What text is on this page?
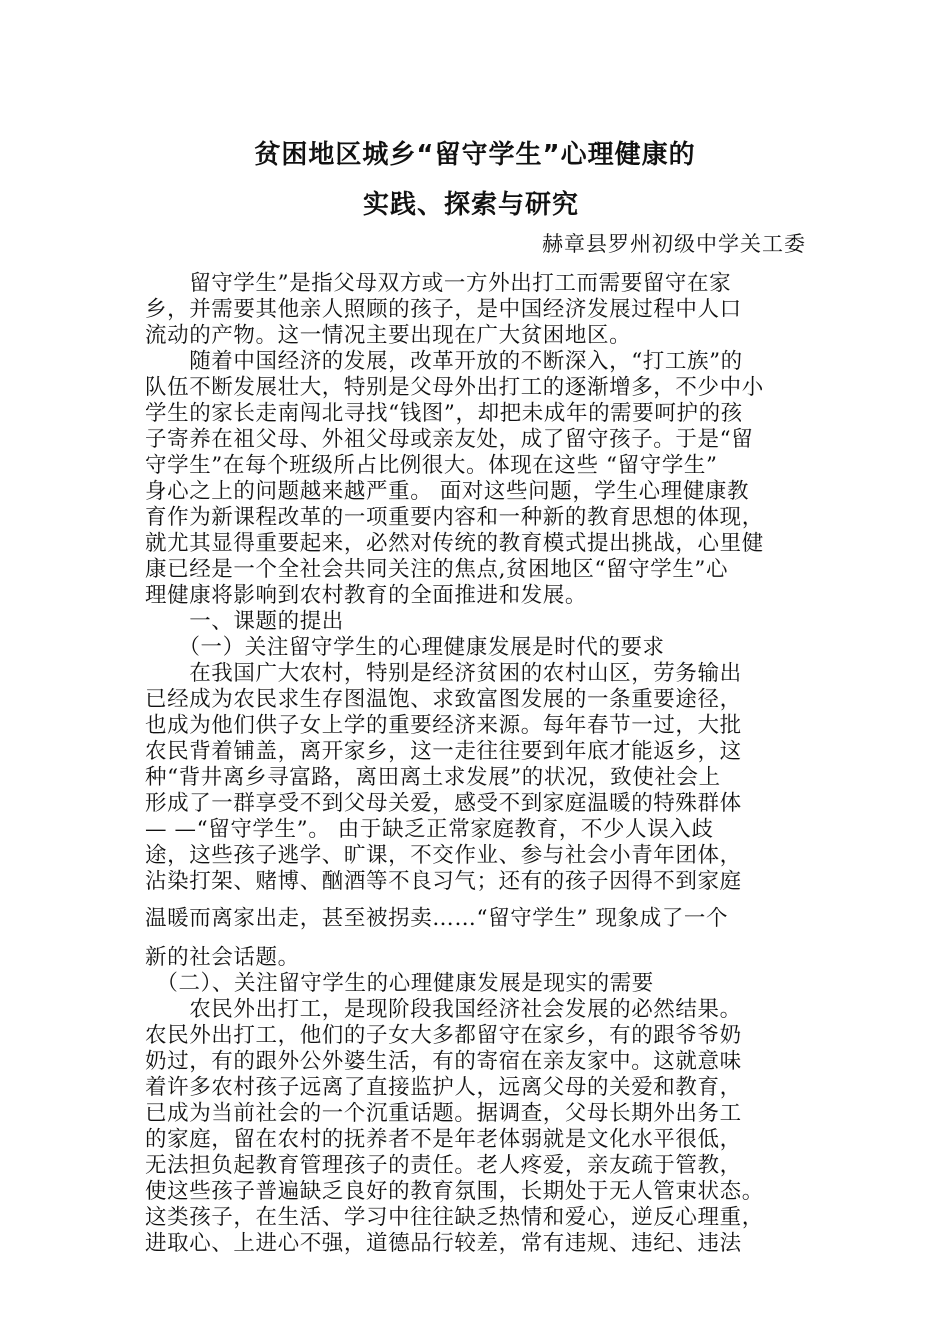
贫困地区城乡“留守学生”心理健康的
实践、探索与研究
赫章县罗州初级中学关工委
　　留守学生”是指父母双方或一方外出打工而需要留守在家
乡，并需要其他亲人照顾的孩子，是中国经济发展过程中人口
流动的产物。这一情况主要出现在广大贫困地区。
　　随着中国经济的发展，改革开放的不断深入，“打工族”的
队伍不断发展壮大，特别是父母外出打工的逐渐增多，不少中小
学生的家长走南闯北寻找“钱图”，却把未成年的需要呵护的孩
子寄养在祖父母、外祖父母或亲友处，成了留守孩子。于是“留
守学生”在每个班级所占比例很大。体现在这些 “留守学生”
身心之上的问题越来越严重。 面对这些问题，学生心理健康教
育作为新课程改革的一项重要内容和一种新的教育思想的体现，
就尤其显得重要起来，必然对传统的教育模式提出挑战，心里健
康已经是一个全社会共同关注的焦点,贫困地区“留守学生”心
理健康将影响到农村教育的全面推进和发展。
　　一、课题的提出
　　（一）关注留守学生的心理健康发展是时代的要求
　　在我国广大农村，特别是经济贫困的农村山区，劳务输出
已经成为农民求生存图温饱、求致富图发展的一条重要途径，
也成为他们供子女上学的重要经济来源。每年春节一过，大批
农民背着铺盖，离开家乡，这一走往往要到年底才能返乡，这
种“背井离乡寻富路，离田离土求发展”的状况，致使社会上
形成了一群享受不到父母关爱，感受不到家庭温暖的特殊群体
— —“留守学生”。 由于缺乏正常家庭教育，不少人误入歧
途，这些孩子逃学、旷课，不交作业、参与社会小青年团体，
沾染打架、赌博、酗酒等不良习气；还有的孩子因得不到家庭
温暖而离家出走，甚至被拐卖……“留守学生” 现象成了一个
新的社会话题。
　（二）、关注留守学生的心理健康发展是现实的需要
　　农民外出打工，是现阶段我国经济社会发展的必然结果。
农民外出打工，他们的子女大多都留守在家乡，有的跟爷爷奶
奶过，有的跟外公外婆生活，有的寄宿在亲友家中。这就意味
着许多农村孩子远离了直接监护人，远离父母的关爱和教育，
已成为当前社会的一个沉重话题。据调查，父母长期外出务工
的家庭，留在农村的抚养者不是年老体弱就是文化水平很低，
无法担负起教育管理孩子的责任。老人疼爱，亲友疏于管教，
使这些孩子普遍缺乏良好的教育氛围，长期处于无人管束状态。
这类孩子，在生活、学习中往往缺乏热情和爱心，逆反心理重，
进取心、上进心不强，道德品行较差，常有违规、违纪、违法
